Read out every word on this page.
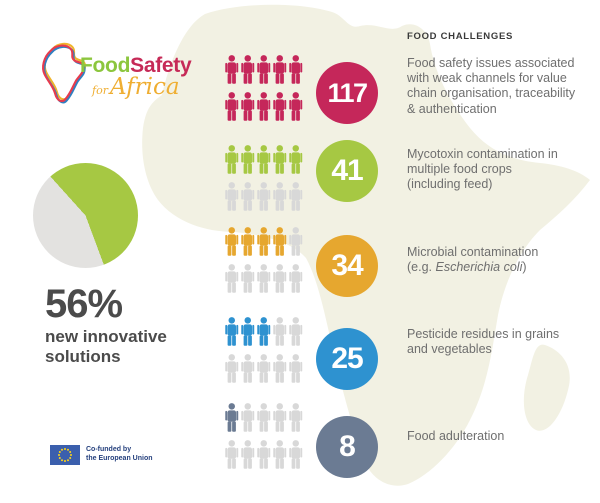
FoodSafety
forAfrica
56%
new innovative
solutions
FOOD CHALLENGES
117
41
34
25
8
Food safety issues associated
with weak channels for value
chain organisation, traceability
& authentication
Mycotoxin contamination in
multiple food crops
(including feed)
Microbial contamination
(e.g. Escherichia coli)
Pesticide residues in grains
and vegetables
Food adulteration
Co-funded by
the European Union
